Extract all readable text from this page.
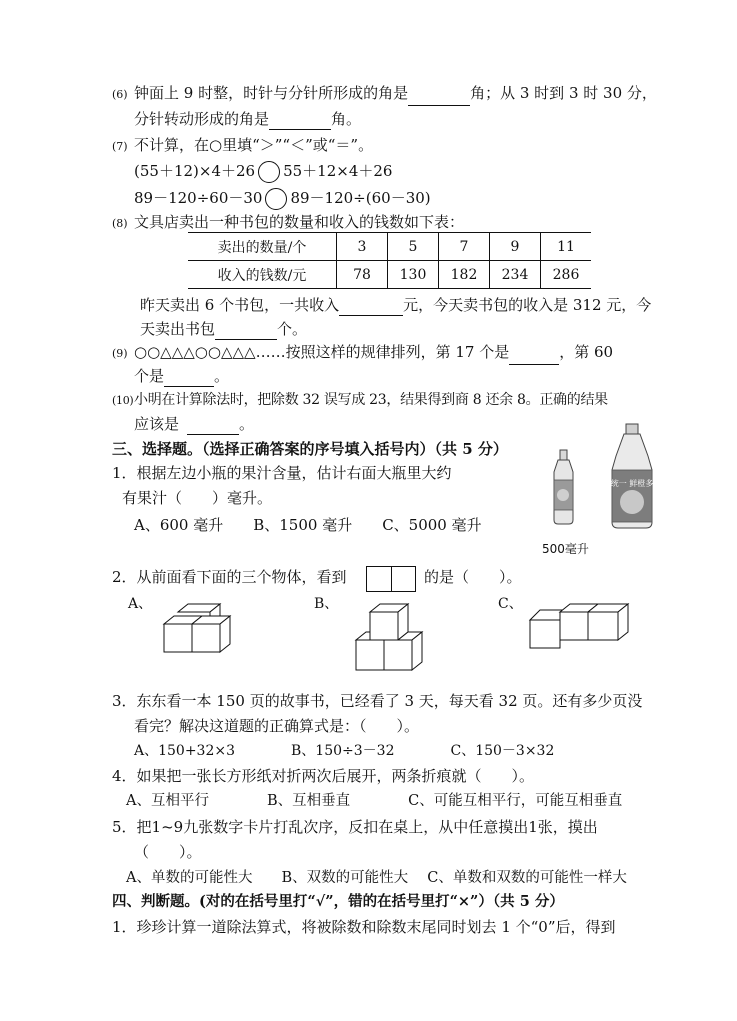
(6) 钟面上 9 时整，时针与分针所形成的角是	角；从 3 时到 3 时 30 分，
分针转动形成的角是	角。
(7) 不计算，在○里填“＞”“＜”或“＝”。
(55＋12)×4＋26 55＋12×4＋26
89－120÷60－30 89－120÷(60－30)
(8) 文具店卖出一种书包的数量和收入的钱数如下表：
卖出的数量/个	3	5	7	9	11
收入的钱数/元	78	130	182	234	286
昨天卖出 6 个书包，一共收入	元，今天卖书包的收入是 312 元，今
天卖出书包	个。
(9) ○○△△△○○△△△……按照这样的规律排列，第 17 个是	，第 60
个是	。
(10)小明在计算除法时，把除数 32 误写成 23，结果得到商 8 还余 8。正确的结果
应该是	。
三、选择题。（选择正确答案的序号填入括号内）（共 5 分）
1．根据左边小瓶的果汁含量，估计右面大瓶里大约
有果汁（　　）毫升。
A、600 毫升　　B、1500 毫升　　C、5000 毫升
统一 鲜橙多
500毫升
2．从前面看下面的三个物体，看到	的是（　　）。
A、	B、	C、
3．东东看一本 150 页的故事书，已经看了 3 天，每天看 32 页。还有多少页没
看完？解决这道题的正确算式是：（　　）。
A、150+32×3　　　　B、150÷3－32　　　　C、150－3×32
4．如果把一张长方形纸对折两次后展开，两条折痕就（　　）。
A、互相平行　　　　B、互相垂直　　　　C、可能互相平行，可能互相垂直
5．把1~9九张数字卡片打乱次序，反扣在桌上，从中任意摸出1张，摸出
（　　）。
A、单数的可能性大　　B、双数的可能性大　 C、单数和双数的可能性一样大
四、判断题。(对的在括号里打“√”，错的在括号里打“×”）（共 5 分）
1．珍珍计算一道除法算式，将被除数和除数末尾同时划去 1 个“0”后，得到
